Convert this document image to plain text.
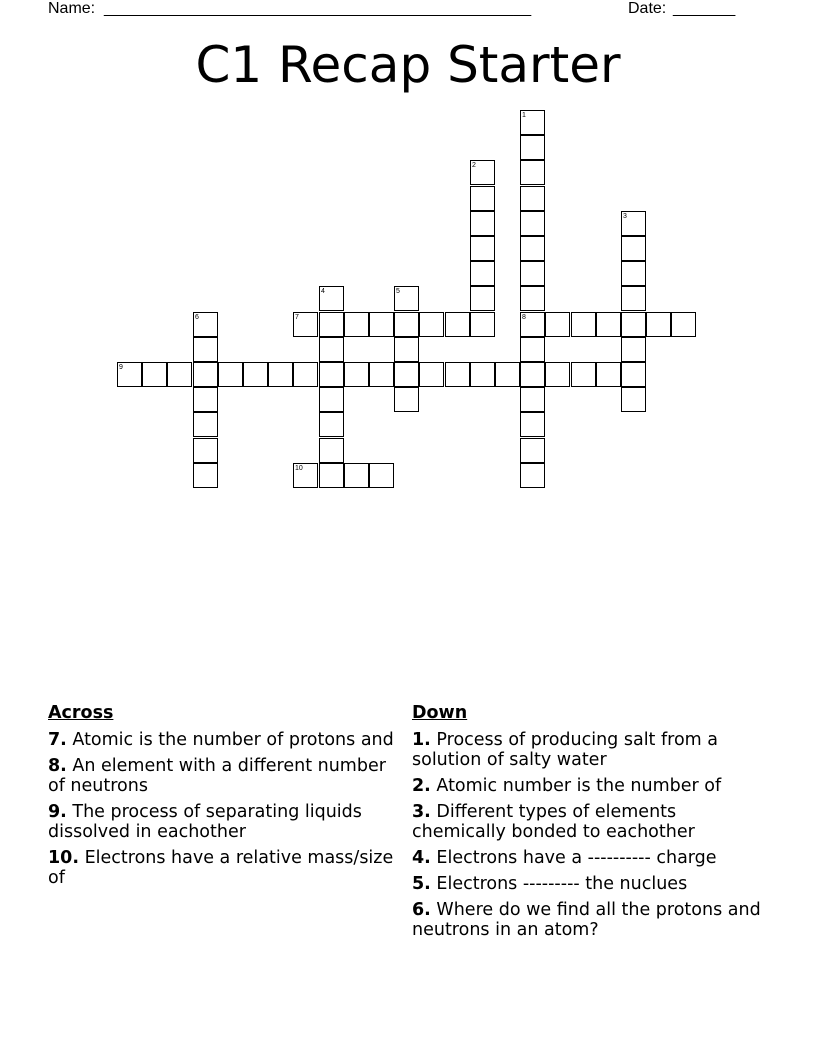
Name: ________________________________________________	Date: _______
C1 Recap Starter
1
8
2
3
4	5
6	7
9
10
Across
7. Atomic is the number of protons and
8. An element with a different number of neutrons
9. The process of separating liquids dissolved in eachother
10. Electrons have a relative mass/size of
Down
1. Process of producing salt from a solution of salty water
2. Atomic number is the number of
3. Different types of elements chemically bonded to eachother
4. Electrons have a ---------- charge
5. Electrons --------- the nuclues
6. Where do we find all the protons and neutrons in an atom?
